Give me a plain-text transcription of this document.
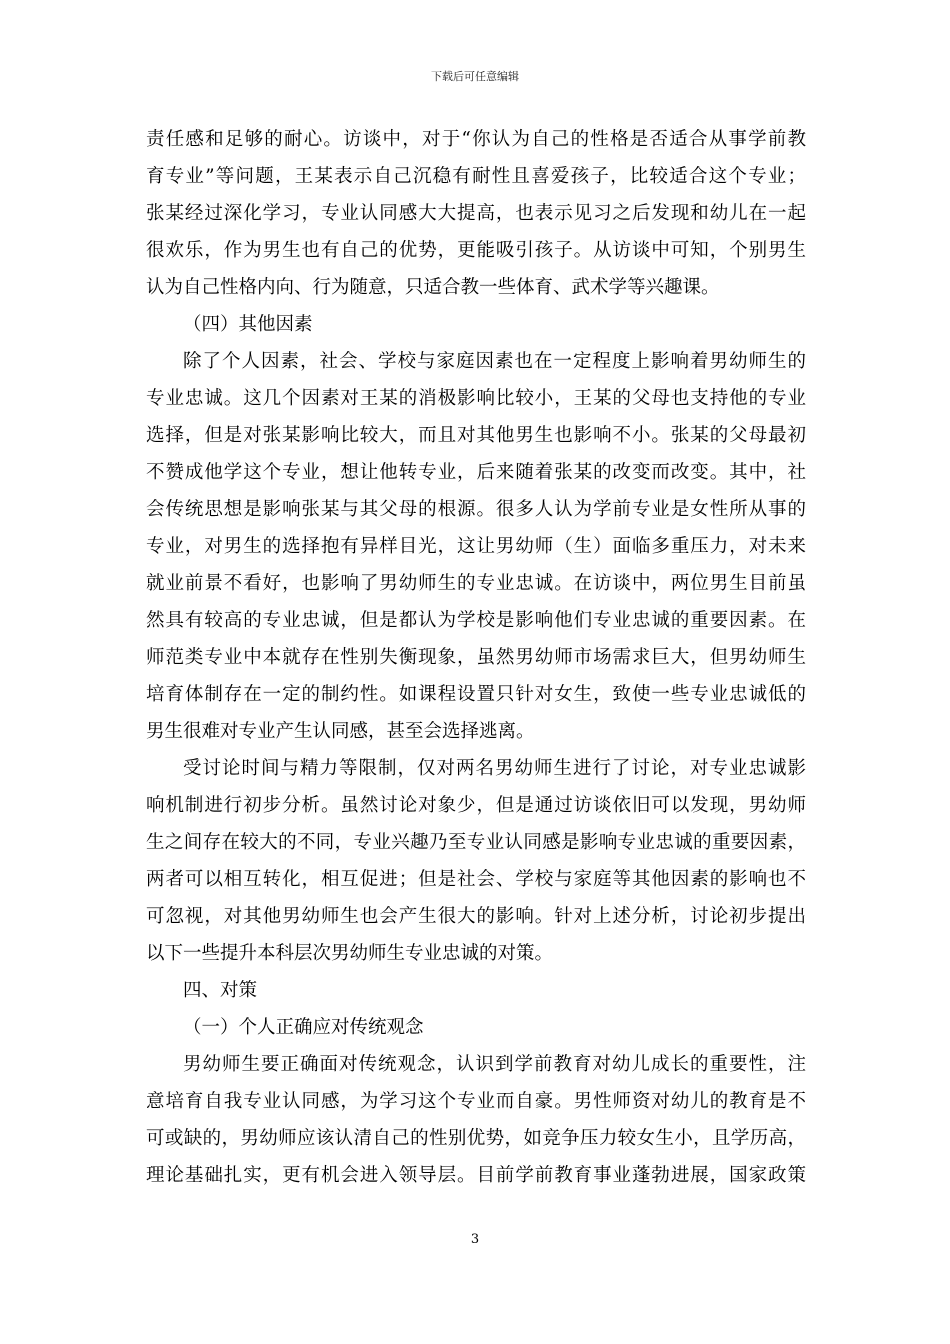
下载后可任意编辑
责任感和足够的耐心。访谈中，对于“你认为自己的性格是否适合从事学前教
育专业”等问题，王某表示自己沉稳有耐性且喜爱孩子，比较适合这个专业；
张某经过深化学习，专业认同感大大提高，也表示见习之后发现和幼儿在一起
很欢乐，作为男生也有自己的优势，更能吸引孩子。从访谈中可知，个别男生
认为自己性格内向、行为随意，只适合教一些体育、武术学等兴趣课。
（四）其他因素
除了个人因素，社会、学校与家庭因素也在一定程度上影响着男幼师生的
专业忠诚。这几个因素对王某的消极影响比较小，王某的父母也支持他的专业
选择，但是对张某影响比较大，而且对其他男生也影响不小。张某的父母最初
不赞成他学这个专业，想让他转专业，后来随着张某的改变而改变。其中，社
会传统思想是影响张某与其父母的根源。很多人认为学前专业是女性所从事的
专业，对男生的选择抱有异样目光，这让男幼师（生）面临多重压力，对未来
就业前景不看好，也影响了男幼师生的专业忠诚。在访谈中，两位男生目前虽
然具有较高的专业忠诚，但是都认为学校是影响他们专业忠诚的重要因素。在
师范类专业中本就存在性别失衡现象，虽然男幼师市场需求巨大，但男幼师生
培育体制存在一定的制约性。如课程设置只针对女生，致使一些专业忠诚低的
男生很难对专业产生认同感，甚至会选择逃离。
受讨论时间与精力等限制，仅对两名男幼师生进行了讨论，对专业忠诚影
响机制进行初步分析。虽然讨论对象少，但是通过访谈依旧可以发现，男幼师
生之间存在较大的不同，专业兴趣乃至专业认同感是影响专业忠诚的重要因素，
两者可以相互转化，相互促进；但是社会、学校与家庭等其他因素的影响也不
可忽视，对其他男幼师生也会产生很大的影响。针对上述分析，讨论初步提出
以下一些提升本科层次男幼师生专业忠诚的对策。
四、对策
（一）个人正确应对传统观念
男幼师生要正确面对传统观念，认识到学前教育对幼儿成长的重要性，注
意培育自我专业认同感，为学习这个专业而自豪。男性师资对幼儿的教育是不
可或缺的，男幼师应该认清自己的性别优势，如竞争压力较女生小，且学历高，
理论基础扎实，更有机会进入领导层。目前学前教育事业蓬勃进展，国家政策
3
